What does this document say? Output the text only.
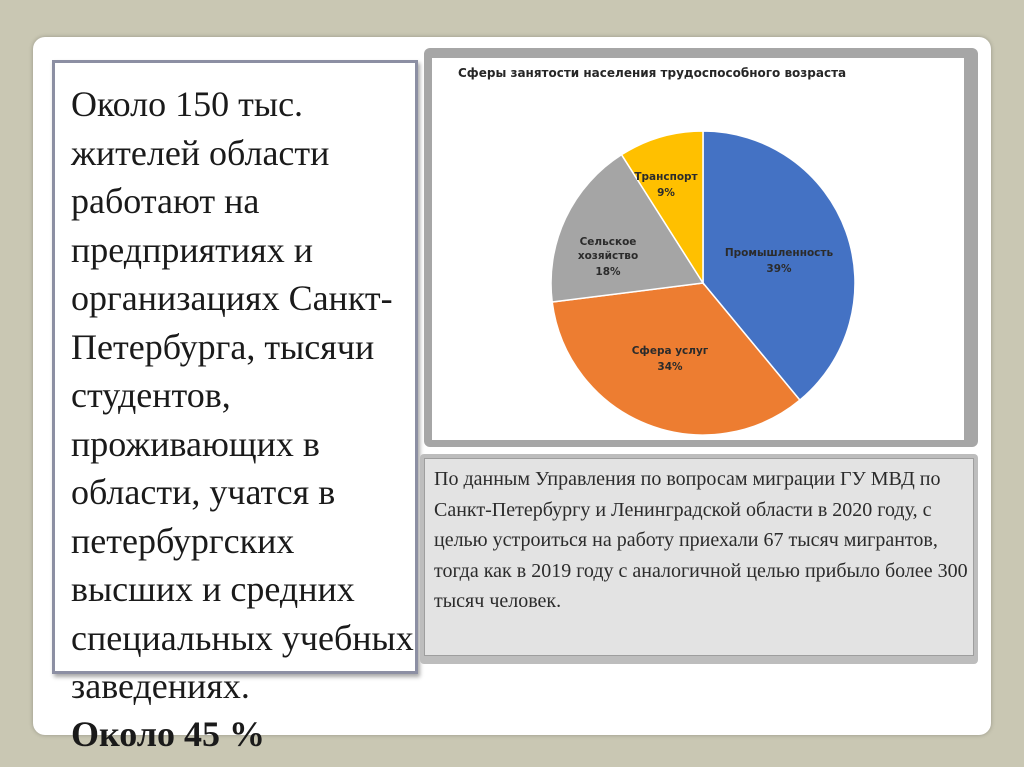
Около 150 тыс. жителей области работают на предприятиях и организациях Санкт-Петербурга, тысячи студентов, проживающих в области, учатся в петербургских высших и средних специальных учебных заведениях.

Около 45 %

Сферы занятости населения трудоспособного возраста

Промышленность
39%
Сфера услуг
34%
Сельское
хозяйство
18%
Транспорт
9%

По данным Управления по вопросам миграции ГУ МВД по Санкт-Петербургу и Ленинградской области в 2020 году, с целью устроиться на работу приехали 67 тысяч мигрантов, тогда как в 2019 году с аналогичной целью прибыло более 300 тысяч человек.
